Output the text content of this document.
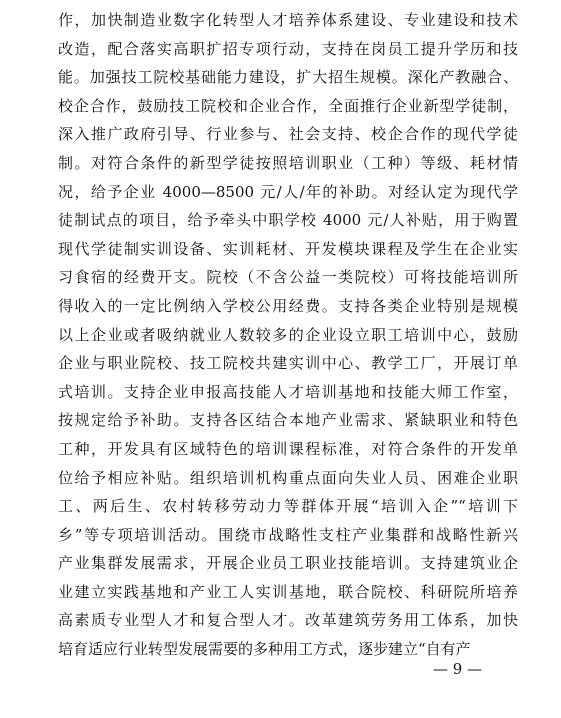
作，加快制造业数字化转型人才培养体系建设、专业建设和技术
改造，配合落实高职扩招专项行动，支持在岗员工提升学历和技
能。加强技工院校基础能力建设，扩大招生规模。深化产教融合、
校企合作，鼓励技工院校和企业合作，全面推行企业新型学徒制，
深入推广政府引导、行业参与、社会支持、校企合作的现代学徒
制。对符合条件的新型学徒按照培训职业（工种）等级、耗材情
况，给予企业 4000—8500 元/人/年的补助。对经认定为现代学
徒制试点的项目，给予牵头中职学校 4000 元/人补贴，用于购置
现代学徒制实训设备、实训耗材、开发模块课程及学生在企业实
习食宿的经费开支。院校（不含公益一类院校）可将技能培训所
得收入的一定比例纳入学校公用经费。支持各类企业特别是规模
以上企业或者吸纳就业人数较多的企业设立职工培训中心，鼓励
企业与职业院校、技工院校共建实训中心、教学工厂，开展订单
式培训。支持企业申报高技能人才培训基地和技能大师工作室，
按规定给予补助。支持各区结合本地产业需求、紧缺职业和特色
工种，开发具有区域特色的培训课程标准，对符合条件的开发单
位给予相应补贴。组织培训机构重点面向失业人员、困难企业职
工、两后生、农村转移劳动力等群体开展“培训入企”“培训下
乡”等专项培训活动。围绕市战略性支柱产业集群和战略性新兴
产业集群发展需求，开展企业员工职业技能培训。支持建筑业企
业建立实践基地和产业工人实训基地，联合院校、科研院所培养
高素质专业型人才和复合型人才。改革建筑劳务用工体系，加快
培育适应行业转型发展需要的多种用工方式，逐步建立“自有产
— 9 —
